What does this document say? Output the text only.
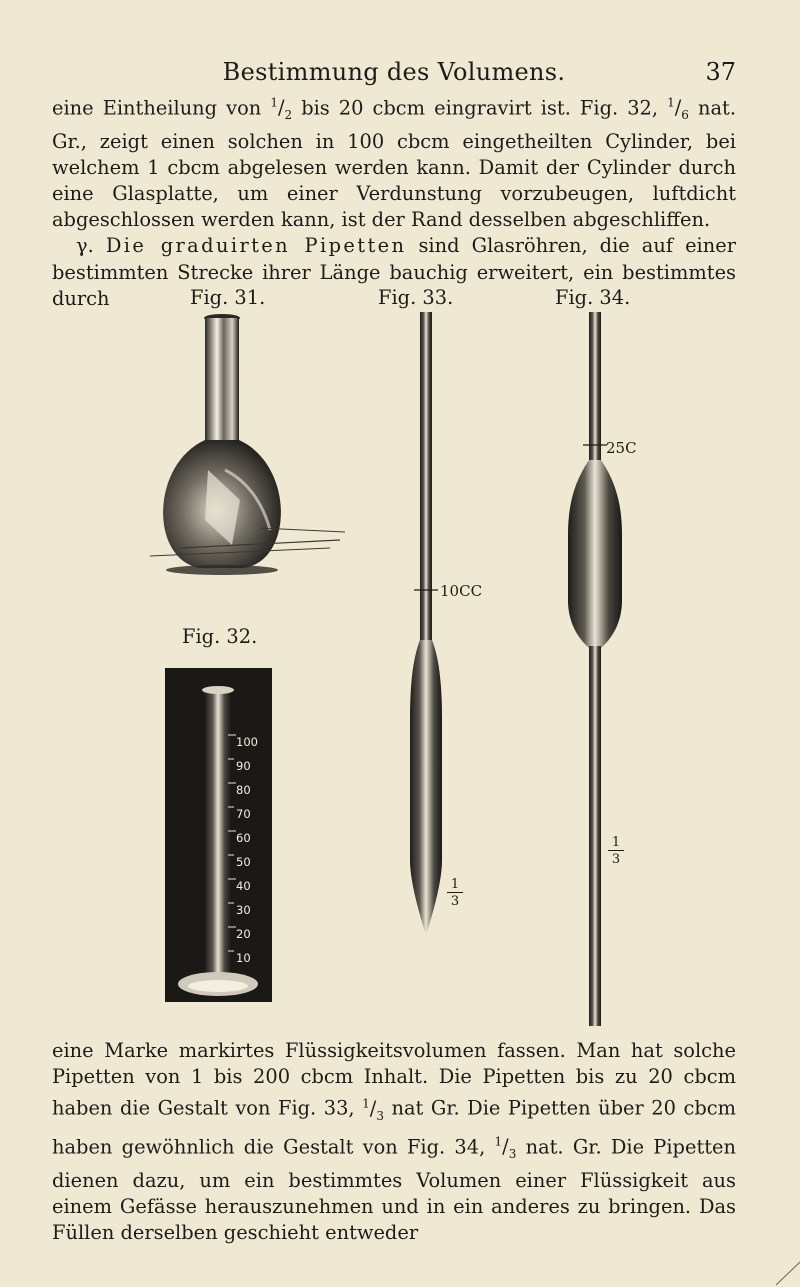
Bestimmung des Volumens.	37

eine Eintheilung von $^1/_2$ bis 20 cbcm eingravirt ist. Fig. 32, $^1/_6$ nat. Gr., zeigt einen solchen in 100 cbcm eingetheilten Cylinder, bei welchem 1 cbcm abgelesen werden kann. Damit der Cylinder durch eine Glasplatte, um einer Verdunstung vorzubeugen, luftdicht abgeschlossen werden kann, ist der Rand desselben abgeschliffen.

γ. Die graduirten Pipetten sind Glasröhren, die auf einer bestimmten Strecke ihrer Länge bauchig erweitert, ein bestimmtes durch	Fig. 31.	Fig. 33.	Fig. 34.
Fig. 32.
100
90
80
70
60
50
40
30
20
10
10CC
25C
1
3
1
3

eine Marke markirtes Flüssigkeitsvolumen fassen. Man hat solche Pipetten von 1 bis 200 cbcm Inhalt. Die Pipetten bis zu 20 cbcm haben die Gestalt von Fig. 33, $^1/_3$ nat Gr. Die Pipetten über 20 cbcm haben gewöhnlich die Gestalt von Fig. 34, $^1/_3$ nat. Gr. Die Pipetten dienen dazu, um ein bestimmtes Volumen einer Flüssigkeit aus einem Gefässe herauszunehmen und in ein anderes zu bringen. Das Füllen derselben geschieht entweder
